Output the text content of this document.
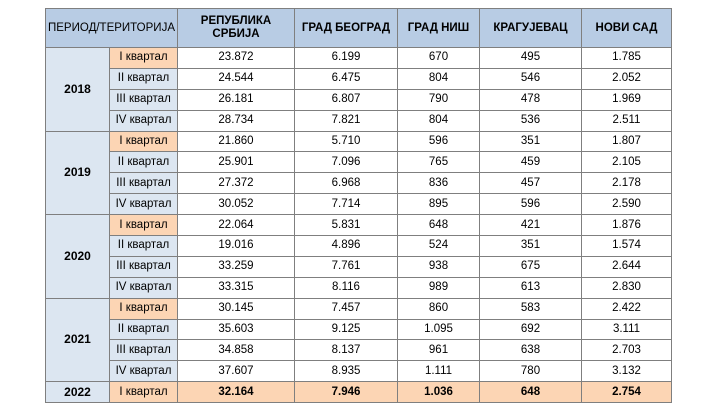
ПЕРИОД/ТЕРИТОРИЈА		РЕПУБЛИКА
СРБИЈА	ГРАД БЕОГРАД	ГРАД НИШ	КРАГУЈЕВАЦ	НОВИ САД
2018	I квартал	23.872	6.199	670	495	1.785
	II квартал	24.544	6.475	804	546	2.052
	III квартал	26.181	6.807	790	478	1.969
	IV квартал	28.734	7.821	804	536	2.511
2019	I квартал	21.860	5.710	596	351	1.807
	II квартал	25.901	7.096	765	459	2.105
	III квартал	27.372	6.968	836	457	2.178
	IV квартал	30.052	7.714	895	596	2.590
2020	I квартал	22.064	5.831	648	421	1.876
	II квартал	19.016	4.896	524	351	1.574
	III квартал	33.259	7.761	938	675	2.644
	IV квартал	33.315	8.116	989	613	2.830
2021	I квартал	30.145	7.457	860	583	2.422
	II квартал	35.603	9.125	1.095	692	3.111
	III квартал	34.858	8.137	961	638	2.703
	IV квартал	37.607	8.935	1.111	780	3.132
2022	I квартал	32.164	7.946	1.036	648	2.754
